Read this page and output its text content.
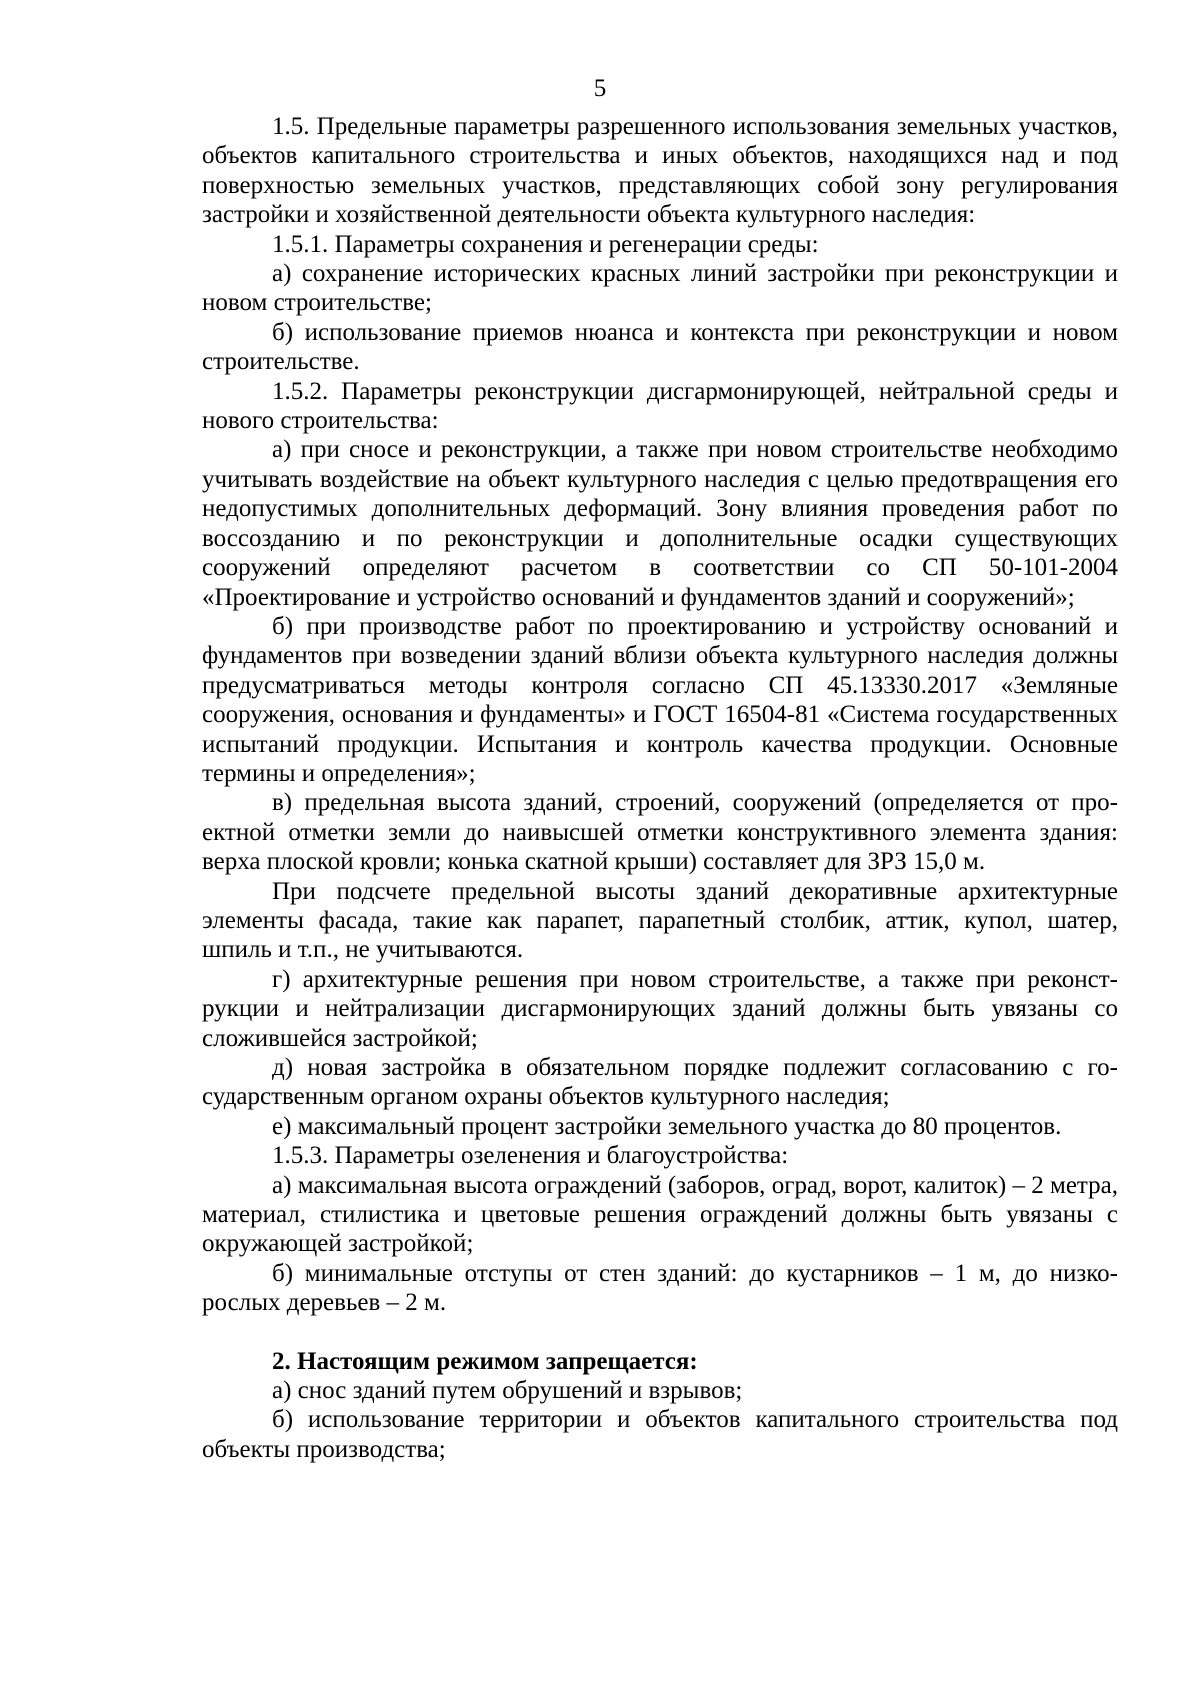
5

1.5. Предельные параметры разрешенного использования земельных участков, объектов капитального строительства и иных объектов, находящихся над и под поверхностью земельных участков, представляющих собой зону регулирования застройки и хозяйственной деятельности объекта культурного наследия:

1.5.1. Параметры сохранения и регенерации среды:

а) сохранение исторических красных линий застройки при реконструкции и новом строительстве;

б) использование приемов нюанса и контекста при реконструкции и новом строительстве.

1.5.2. Параметры реконструкции дисгармонирующей, нейтральной среды и нового строительства:

а) при сносе и реконструкции, а также при новом строительстве необходимо учитывать воздействие на объект культурного наследия с целью предотвращения его недопустимых дополнительных деформаций. Зону влияния проведения работ по воссозданию и по реконструкции и дополнительные осадки существующих сооружений определяют расчетом в соответствии со СП 50-101-2004 «Проектирование и устройство оснований и фундаментов зданий и сооружений»;

б) при производстве работ по проектированию и устройству оснований и фундаментов при возведении зданий вблизи объекта культурного наследия должны предусматриваться методы контроля согласно СП 45.13330.2017 «Земляные сооружения, основания и фундаменты» и ГОСТ 16504-81 «Система государственных испытаний продукции. Испытания и контроль качества продукции. Основные термины и определения»;

в) предельная высота зданий, строений, сооружений (определяется от проектной отметки земли до наивысшей отметки конструктивного элемента здания: верха плоской кровли; конька скатной крыши) составляет для ЗРЗ 15,0 м.

При подсчете предельной высоты зданий декоративные архитектурные элементы фасада, такие как парапет, парапетный столбик, аттик, купол, шатер, шпиль и т.п., не учитываются.

г) архитектурные решения при новом строительстве, а также при реконструкции и нейтрализации дисгармонирующих зданий должны быть увязаны со сложившейся застройкой;

д) новая застройка в обязательном порядке подлежит согласованию с государственным органом охраны объектов культурного наследия;

е) максимальный процент застройки земельного участка до 80 процентов.

1.5.3. Параметры озеленения и благоустройства:

а) максимальная высота ограждений (заборов, оград, ворот, калиток) – 2 метра, материал, стилистика и цветовые решения ограждений должны быть увязаны с окружающей застройкой;

б) минимальные отступы от стен зданий: до кустарников – 1 м, до низкорослых деревьев – 2 м.

2. Настоящим режимом запрещается:

а) снос зданий путем обрушений и взрывов;

б) использование территории и объектов капитального строительства под объекты производства;
